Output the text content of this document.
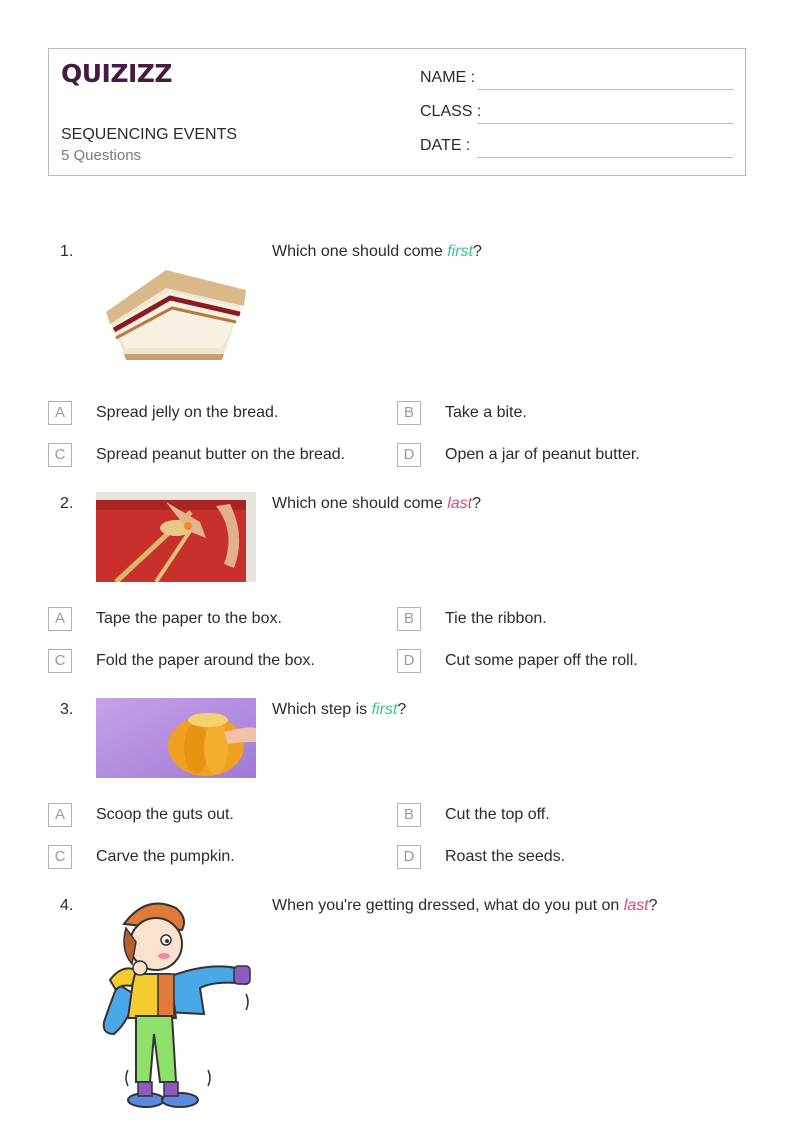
QUIZIZZ
SEQUENCING EVENTS
5 Questions
NAME :
CLASS :
DATE :
1.	Which one should come first?
A	Spread jelly on the bread.	B	Take a bite.
C	Spread peanut butter on the bread.	D	Open a jar of peanut butter.
2.	Which one should come last?
A	Tape the paper to the box.	B	Tie the ribbon.
C	Fold the paper around the box.	D	Cut some paper off the roll.
3.	Which step is first?
A	Scoop the guts out.	B	Cut the top off.
C	Carve the pumpkin.	D	Roast the seeds.
4.	When you're getting dressed, what do you put on last?
